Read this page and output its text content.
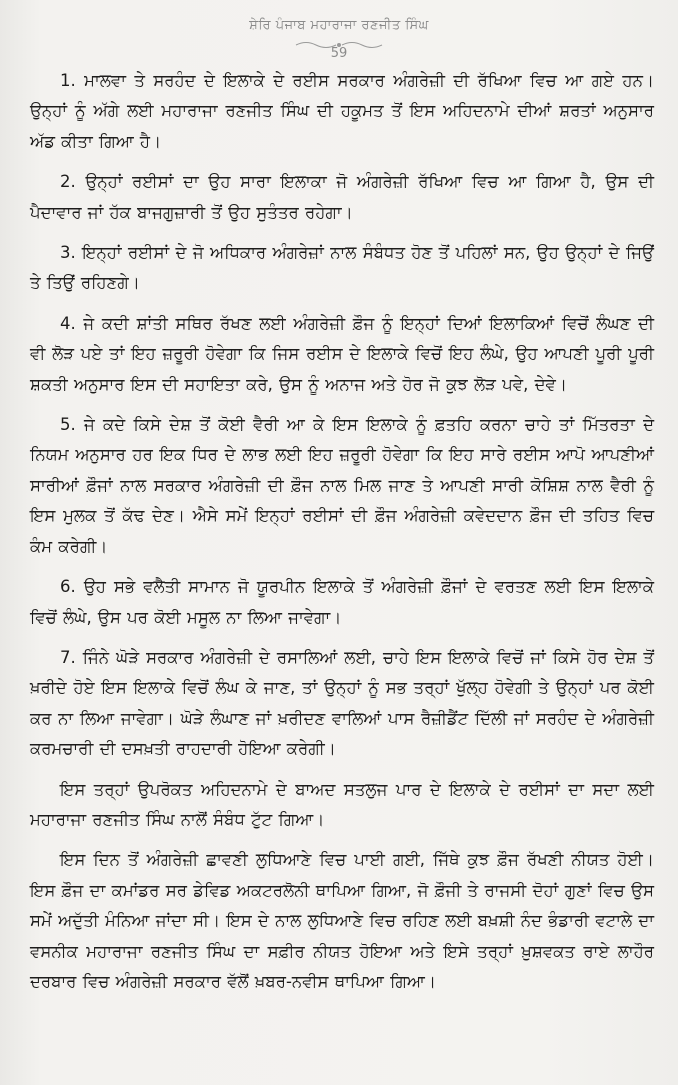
ਸ਼ੇਰਿ ਪੰਜਾਬ ਮਹਾਰਾਜਾ ਰਣਜੀਤ ਸਿੰਘ
59

1. ਮਾਲਵਾ ਤੇ ਸਰਹੰਦ ਦੇ ਇਲਾਕੇ ਦੇ ਰਈਸ ਸਰਕਾਰ ਅੰਗਰੇਜ਼ੀ ਦੀ ਰੱਖਿਆ ਵਿਚ ਆ ਗਏ ਹਨ। ਉਨ੍ਹਾਂ ਨੂੰ ਅੱਗੇ ਲਈ ਮਹਾਰਾਜਾ ਰਣਜੀਤ ਸਿੰਘ ਦੀ ਹਕੂਮਤ ਤੋਂ ਇਸ ਅਹਿਦਨਾਮੇ ਦੀਆਂ ਸ਼ਰਤਾਂ ਅਨੁਸਾਰ ਅੱਡ ਕੀਤਾ ਗਿਆ ਹੈ।

2. ਉਨ੍ਹਾਂ ਰਈਸਾਂ ਦਾ ਉਹ ਸਾਰਾ ਇਲਾਕਾ ਜੋ ਅੰਗਰੇਜ਼ੀ ਰੱਖਿਆ ਵਿਚ ਆ ਗਿਆ ਹੈ, ਉਸ ਦੀ ਪੈਦਾਵਾਰ ਜਾਂ ਹੱਕ ਬਾਜਗੁਜ਼ਾਰੀ ਤੋਂ ਉਹ ਸੁਤੰਤਰ ਰਹੇਗਾ।

3. ਇਨ੍ਹਾਂ ਰਈਸਾਂ ਦੇ ਜੋ ਅਧਿਕਾਰ ਅੰਗਰੇਜ਼ਾਂ ਨਾਲ ਸੰਬੰਧਤ ਹੋਣ ਤੋਂ ਪਹਿਲਾਂ ਸਨ, ਉਹ ਉਨ੍ਹਾਂ ਦੇ ਜਿਉਂ ਤੇ ਤਿਉਂ ਰਹਿਣਗੇ।

4. ਜੇ ਕਦੀ ਸ਼ਾਂਤੀ ਸਥਿਰ ਰੱਖਣ ਲਈ ਅੰਗਰੇਜ਼ੀ ਫ਼ੌਜ ਨੂੰ ਇਨ੍ਹਾਂ ਦਿਆਂ ਇਲਾਕਿਆਂ ਵਿਚੋਂ ਲੰਘਣ ਦੀ ਵੀ ਲੋੜ ਪਏ ਤਾਂ ਇਹ ਜ਼ਰੂਰੀ ਹੋਵੇਗਾ ਕਿ ਜਿਸ ਰਈਸ ਦੇ ਇਲਾਕੇ ਵਿਚੋਂ ਇਹ ਲੰਘੇ, ਉਹ ਆਪਣੀ ਪੂਰੀ ਪੂਰੀ ਸ਼ਕਤੀ ਅਨੁਸਾਰ ਇਸ ਦੀ ਸਹਾਇਤਾ ਕਰੇ, ਉਸ ਨੂੰ ਅਨਾਜ ਅਤੇ ਹੋਰ ਜੋ ਕੁਝ ਲੋੜ ਪਵੇ, ਦੇਵੇ।

5. ਜੇ ਕਦੇ ਕਿਸੇ ਦੇਸ਼ ਤੋਂ ਕੋਈ ਵੈਰੀ ਆ ਕੇ ਇਸ ਇਲਾਕੇ ਨੂੰ ਫ਼ਤਹਿ ਕਰਨਾ ਚਾਹੇ ਤਾਂ ਮਿੱਤਰਤਾ ਦੇ ਨਿਯਮ ਅਨੁਸਾਰ ਹਰ ਇਕ ਧਿਰ ਦੇ ਲਾਭ ਲਈ ਇਹ ਜ਼ਰੂਰੀ ਹੋਵੇਗਾ ਕਿ ਇਹ ਸਾਰੇ ਰਈਸ ਆਪੋ ਆਪਣੀਆਂ ਸਾਰੀਆਂ ਫ਼ੌਜਾਂ ਨਾਲ ਸਰਕਾਰ ਅੰਗਰੇਜ਼ੀ ਦੀ ਫ਼ੌਜ ਨਾਲ ਮਿਲ ਜਾਣ ਤੇ ਆਪਣੀ ਸਾਰੀ ਕੋਸ਼ਿਸ਼ ਨਾਲ ਵੈਰੀ ਨੂੰ ਇਸ ਮੁਲਕ ਤੋਂ ਕੱਢ ਦੇਣ। ਐਸੇ ਸਮੇਂ ਇਨ੍ਹਾਂ ਰਈਸਾਂ ਦੀ ਫ਼ੌਜ ਅੰਗਰੇਜ਼ੀ ਕਵੇਦਦਾਨ ਫ਼ੌਜ ਦੀ ਤਹਿਤ ਵਿਚ ਕੰਮ ਕਰੇਗੀ।

6. ਉਹ ਸਭੇ ਵਲੈਤੀ ਸਾਮਾਨ ਜੋ ਯੂਰਪੀਨ ਇਲਾਕੇ ਤੋਂ ਅੰਗਰੇਜ਼ੀ ਫ਼ੌਜਾਂ ਦੇ ਵਰਤਣ ਲਈ ਇਸ ਇਲਾਕੇ ਵਿਚੋਂ ਲੰਘੇ, ਉਸ ਪਰ ਕੋਈ ਮਸੂਲ ਨਾ ਲਿਆ ਜਾਵੇਗਾ।

7. ਜਿੰਨੇ ਘੋੜੇ ਸਰਕਾਰ ਅੰਗਰੇਜ਼ੀ ਦੇ ਰਸਾਲਿਆਂ ਲਈ, ਚਾਹੇ ਇਸ ਇਲਾਕੇ ਵਿਚੋਂ ਜਾਂ ਕਿਸੇ ਹੋਰ ਦੇਸ਼ ਤੋਂ ਖ਼ਰੀਦੇ ਹੋਏ ਇਸ ਇਲਾਕੇ ਵਿਚੋਂ ਲੰਘ ਕੇ ਜਾਣ, ਤਾਂ ਉਨ੍ਹਾਂ ਨੂੰ ਸਭ ਤਰ੍ਹਾਂ ਖੁੱਲ੍ਹ ਹੋਵੇਗੀ ਤੇ ਉਨ੍ਹਾਂ ਪਰ ਕੋਈ ਕਰ ਨਾ ਲਿਆ ਜਾਵੇਗਾ। ਘੋੜੇ ਲੰਘਾਣ ਜਾਂ ਖ਼ਰੀਦਣ ਵਾਲਿਆਂ ਪਾਸ ਰੈਜ਼ੀਡੈਂਟ ਦਿੱਲੀ ਜਾਂ ਸਰਹੰਦ ਦੇ ਅੰਗਰੇਜ਼ੀ ਕਰਮਚਾਰੀ ਦੀ ਦਸਖ਼ਤੀ ਰਾਹਦਾਰੀ ਹੋਇਆ ਕਰੇਗੀ।

ਇਸ ਤਰ੍ਹਾਂ ਉਪਰੋਕਤ ਅਹਿਦਨਾਮੇ ਦੇ ਬਾਅਦ ਸਤਲੁਜ ਪਾਰ ਦੇ ਇਲਾਕੇ ਦੇ ਰਈਸਾਂ ਦਾ ਸਦਾ ਲਈ ਮਹਾਰਾਜਾ ਰਣਜੀਤ ਸਿੰਘ ਨਾਲੋਂ ਸੰਬੰਧ ਟੁੱਟ ਗਿਆ।

ਇਸ ਦਿਨ ਤੋਂ ਅੰਗਰੇਜ਼ੀ ਛਾਵਣੀ ਲੁਧਿਆਣੇ ਵਿਚ ਪਾਈ ਗਈ, ਜਿੱਥੇ ਕੁਝ ਫ਼ੌਜ ਰੱਖਣੀ ਨੀਯਤ ਹੋਈ। ਇਸ ਫ਼ੌਜ ਦਾ ਕਮਾਂਡਰ ਸਰ ਡੇਵਿਡ ਅਕਟਰਲੋਨੀ ਥਾਪਿਆ ਗਿਆ, ਜੋ ਫ਼ੌਜੀ ਤੇ ਰਾਜਸੀ ਦੋਹਾਂ ਗੁਣਾਂ ਵਿਚ ਉਸ ਸਮੇਂ ਅਦੁੱਤੀ ਮੰਨਿਆ ਜਾਂਦਾ ਸੀ। ਇਸ ਦੇ ਨਾਲ ਲੁਧਿਆਣੇ ਵਿਚ ਰਹਿਣ ਲਈ ਬਖ਼ਸ਼ੀ ਨੰਦ ਭੰਡਾਰੀ ਵਟਾਲੇ ਦਾ ਵਸਨੀਕ ਮਹਾਰਾਜਾ ਰਣਜੀਤ ਸਿੰਘ ਦਾ ਸਫ਼ੀਰ ਨੀਯਤ ਹੋਇਆ ਅਤੇ ਇਸੇ ਤਰ੍ਹਾਂ ਖ਼ੁਸ਼ਵਕਤ ਰਾਏ ਲਾਹੌਰ ਦਰਬਾਰ ਵਿਚ ਅੰਗਰੇਜ਼ੀ ਸਰਕਾਰ ਵੱਲੋਂ ਖ਼ਬਰ-ਨਵੀਸ ਥਾਪਿਆ ਗਿਆ।
